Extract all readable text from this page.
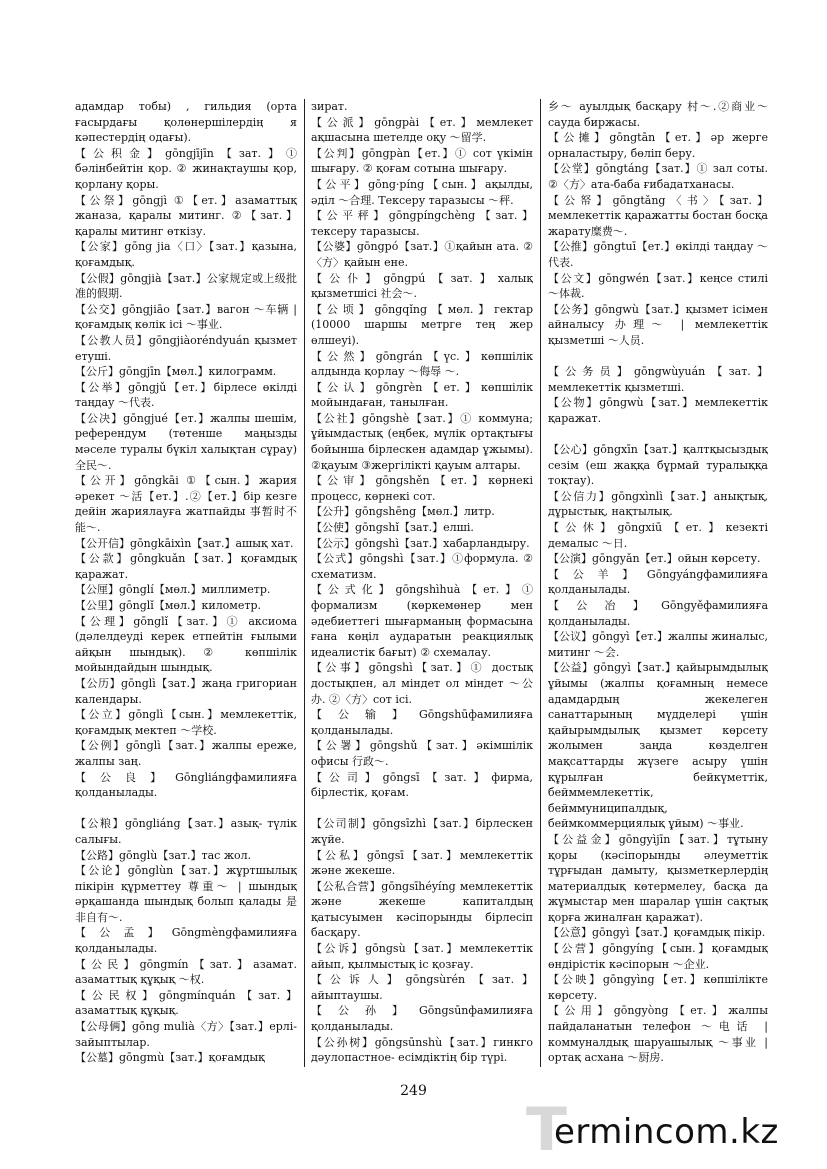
адамдар тобы) , гильдия (орта ғасырдағы қолөнершілердің я кәпестердің одағы).

【公积金】gōngjījīn【зат.】① бәлінбейтін қор. ② жинақтаушы қор, қорлану қоры.

【公祭】gōngjì ①【ет.】азаматтық жаназа, қаралы митинг. ②【зат.】қаралы митинг өткізу.

【公家】gōng jia〈口〉【зат.】қазына, қоғамдық.

【公假】gōngjià【зат.】公家规定或上级批准的假期.

【公交】gōngjiāo【зат.】вагон ～车辆 | қоғамдық көлік ісі ～事业.

【公教人员】gōngjiàoréndyuán қызмет етуші.

【公斤】gōngjīn【мөл.】килограмм.

【公举】gōngjǔ【ет.】бірлесе өкілді таңдау ～代表.

【公决】gōngjué【ет.】жалпы шешім, референдум (төтенше маңызды мәселе туралы бүкіл халықтан сұрау) 全民～.

【公开】gōngkāi ①【сын.】жария әрекет ～活【ет.】.②【ет.】бір кезге дейін жариялауға жатпайды 事暂时不能～.

【公开信】gōngkāixìn【зат.】ашық хат.

【公款】gōngkuǎn【зат.】қоғамдық қаражат.

【公厘】gōnglí【мөл.】миллиметр.

【公里】gōnglǐ【мөл.】километр.

【公理】gōnglǐ【зат.】① аксиома (дәлелдеуді керек етпейтін ғылыми айқын шындық). ② көпшілік мойындайдын шындық.

【公历】gōnglì【зат.】жаңа григориан календары.

【公立】gōnglì【сын.】мемлекеттік, қоғамдық мектеп ～学校.

【公例】gōnglì【зат.】жалпы ереже, жалпы заң.

【公良】Gōngliángфамилияға қолданылады.

【公粮】gōngliáng【зат.】азық- түлік салығы.

【公路】gōnglù【зат.】тас жол.

【公论】gōnglùn【зат.】жұртшылық пікірін құрметтеу 尊重～ | шындық әрқашанда шындық болып қалады 是非自有～.

【公孟】Gōngmèngфамилияға қолданылады.

【公民】gōngmín【зат.】азамат. азаматтық құқық ～权.

【公民权】gōngmínquán【зат.】азаматтық құқық.

【公母俩】gōng mulià〈方〉【зат.】ерлі-зайыптылар.

【公墓】gōngmù【зат.】қоғамдық

зират.

【公派】gōngpài【ет.】мемлекет ақшасына шетелде оқу ～留学.

【公判】gōngpàn【ет.】① сот үкімін шығару. ② қоғам сотына шығару.

【公平】gōng·píng【сын.】ақылды, әділ ～合理. Тексеру таразысы ～秤.

【公平秤】gōngpíngchèng【зат.】тексеру таразысы.

【公婆】gōngpó【зат.】①қайын ата. ②〈方〉қайын ене.

【公仆】gōngpú【зат.】халық қызметшісі 社会～.

【公顷】gōngqǐng【мөл.】гектар (10000 шаршы метрге тең жер өлшеуі).

【公然】gōngrán【үс.】көпшілік алдында қорлау ～侮辱 ～.

【公认】gōngrèn【ет.】көпшілік мойындаған, танылған.

【公社】gōngshè【зат.】① коммуна; ұйымдастық (еңбек, мүлік ортақтығы бойынша бірлескен адамдар ұжымы). ②қауым ③жергілікті қауым алтары.

【公审】gōngshěn【ет.】көрнекі процесс, көрнекі сот.

【公升】gōngshēng【мөл.】литр.

【公使】gōngshǐ【зат.】елші.

【公示】gōngshì【зат.】хабарландыру.

【公式】gōngshì【зат.】①формула. ② схематизм.

【公式化】gōngshìhuà【ет.】① формализм (көркемөнер мен әдебиеттегі шығарманың формасына ғана көңіл аударатын реакциялық идеалистік бағыт) ② схемалау.

【公事】gōngshì【зат.】① достық достықпен, ал міндет ол міндет ～公办. ②〈方〉сот ісі.

【公输】Gōngshūфамилияға қолданылады.

【公署】gōngshǔ【зат.】әкімшілік офисы 行政～.

【公司】gōngsī【зат.】фирма, бірлестік, қоғам.

【公司制】gōngsīzhì【зат.】бірлескен жүйе.

【公私】gōngsī【зат.】мемлекеттік және жекеше.

【公私合营】gōngsīhéyíng мемлекеттік және жекеше капиталдың қатысуымен кәсіпорынды бірлесіп басқару.

【公诉】gōngsù【зат.】мемлекеттік айып, қылмыстық іс қозғау.

【公诉人】gōngsùrén【зат.】айыптаушы.

【公孙】Gōngsūnфамилияға қолданылады.

【公孙树】gōngsūnshù【зат.】гинкго дәулопастное- есімдіктің бір түрі.

乡～ ауылдық басқару 村～.②商业～ сауда биржасы.

【公摊】gōngtān【ет.】әр жерге орналастыру, бөліп беру.

【公堂】gōngtáng【зат.】① зал соты. ②〈方〉ата-баба ғибадатханасы.

【公帑】gōngtǎng〈书〉【зат.】мемлекеттік қаражатты бостан босқа жарату糜费～.

【公推】gōngtuī【ет.】өкілді таңдау ～代表.

【公文】gōngwén【зат.】кеңсе стилі ～体裁.

【公务】gōngwù【зат.】қызмет ісімен айналысу 办理～ | мемлекеттік қызметші ～人员.

【公务员】gōngwùyuán【зат.】мемлекеттік қызметші.

【公物】gōngwù【зат.】мемлекеттік қаражат.

【公心】gōngxīn【зат.】қалтқысыздық сезім (еш жаққа бұрмай туралыққа тоқтау).

【公信力】gōngxìnlì【зат.】анықтық, дұрыстық, нақтылық.

【公休】gōngxiū【ет.】кезекті демалыс ～日.

【公演】gōngyǎn【ет.】ойын көрсету.

【公羊】Gōngyángфамилияға қолданылады.

【公冶】Gōngyěфамилияға қолданылады.

【公议】gōngyì【ет.】жалпы жиналыс, митинг ～会.

【公益】gōngyì【зат.】қайырымдылық ұйымы (жалпы қоғамның немесе адамдардың жекелеген санаттарының мүдделері үшін қайырымдылық қызмет көрсету жолымен заңда көзделген мақсаттарды жүзеге асыру үшін құрылған бейкүметтік, бейммемлекеттік, бейммуниципалдық, беймкоммерциялық ұйым) ～事业.

【公益金】gōngyìjīn【зат.】тұтыну қоры (кәсіпорынды әлеуметтік тұрғыдан дамыту, қызметкерлердің материалдық көтермелеу, басқа да жұмыстар мен шаралар үшін сақтық қорға жиналған қаражат).

【公意】gōngyì【зат.】қоғамдық пікір.

【公营】gōngyíng【сын.】қоғамдық өндірістік кәсіпорын ～企业.

【公映】gōngyìng【ет.】көпшілікте көрсету.

【公用】gōngyòng【ет.】жалпы пайдаланатын телефон ～电话 | коммуналдық шаруашылық ～事业 | ортақ асхана ～厨房.

249
T
ermincom.kz
